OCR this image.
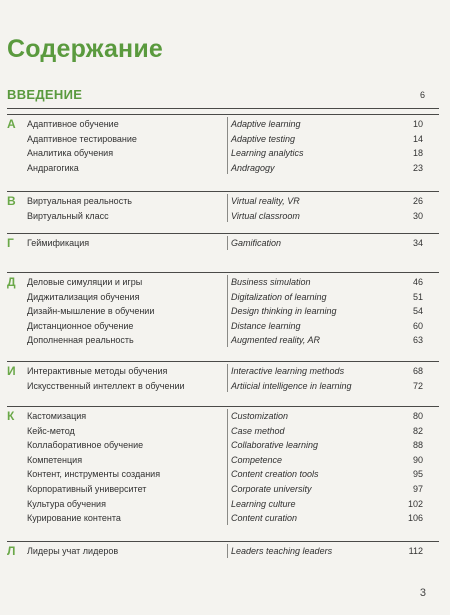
Содержание
ВВЕДЕНИЕ	6
А Адаптивное обучение	Adaptive learning	10
Адаптивное тестирование	Adaptive testing	14
Аналитика обучения	Learning analytics	18
Андрагогика	Andragogy	23
В Виртуальная реальность	Virtual reality, VR	26
Виртуальный класс	Virtual classroom	30
Г Геймификация	Gamification	34
Д Деловые симуляции и игры	Business simulation	46
Диджитализация обучения	Digitalization of learning	51
Дизайн-мышление в обучении	Design thinking in learning	54
Дистанционное обучение	Distance learning	60
Дополненная реальность	Augmented reality, AR	63
И Интерактивные методы обучения	Interactive learning methods	68
Искусственный интеллект в обучении	Artiicial intelligence in learning	72
К Кастомизация	Customization	80
Кейс-метод	Case method	82
Коллаборативное обучение	Collaborative learning	88
Компетенция	Competence	90
Контент, инструменты создания	Content creation tools	95
Корпоративный университет	Corporate university	97
Культура обучения	Learning culture	102
Курирование контента	Content curation	106
Л Лидеры учат лидеров	Leaders teaching leaders	112
3
